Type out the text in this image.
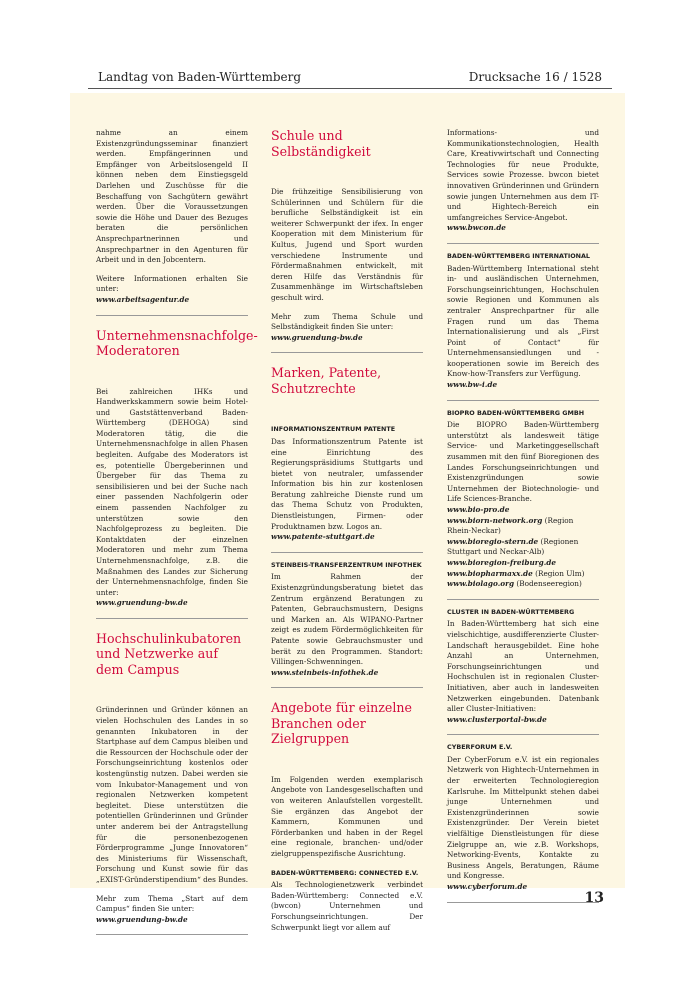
Landtag von Baden-Württemberg	Drucksache 16 / 1528

nahme an einem Existenzgründungsseminar finanziert werden. Empfängerinnen und Empfänger von Arbeitslosengeld II können neben dem Einstiegsgeld Darlehen und Zuschüsse für die Beschaffung von Sachgütern gewährt werden. Über die Voraussetzungen sowie die Höhe und Dauer des Bezuges beraten die persönlichen Ansprechpartnerinnen und Ansprechpartner in den Agenturen für Arbeit und in den Jobcentern.

Weitere Informationen erhalten Sie unter:

www.arbeitsagentur.de
Unternehmensnachfolge-Moderatoren

Bei zahlreichen IHKs und Handwerkskammern sowie beim Hotel- und Gaststättenverband Baden-Württemberg (DEHOGA) sind Moderatoren tätig, die die Unternehmensnachfolge in allen Phasen begleiten. Aufgabe des Moderators ist es, potentielle Übergeberinnen und Übergeber für das Thema zu sensibilisieren und bei der Suche nach einer passenden Nachfolgerin oder einem passenden Nachfolger zu unterstützen sowie den Nachfolgeprozess zu begleiten. Die Kontaktdaten der einzelnen Moderatoren und mehr zum Thema Unternehmensnachfolge, z.B. die Maßnahmen des Landes zur Sicherung der Unternehmensnachfolge, finden Sie unter:

www.gruendung-bw.de
Hochschulinkubatoren und Netzwerke auf dem Campus

Gründerinnen und Gründer können an vielen Hochschulen des Landes in so genannten Inkubatoren in der Startphase auf dem Campus bleiben und die Ressourcen der Hochschule oder der Forschungseinrichtung kostenlos oder kostengünstig nutzen. Dabei werden sie vom Inkubator-Management und von regionalen Netzwerken kompetent begleitet. Diese unterstützen die potentiellen Gründerinnen und Gründer unter anderem bei der Antragstellung für die personenbezogenen Förderprogramme „Junge Innovatoren“ des Ministeriums für Wissenschaft, Forschung und Kunst sowie für das „EXIST-Gründerstipendium“ des Bundes.

Mehr zum Thema „Start auf dem Campus“ finden Sie unter:

www.gruendung-bw.de
Schule und Selbständigkeit

Die frühzeitige Sensibilisierung von Schülerinnen und Schülern für die berufliche Selbständigkeit ist ein weiterer Schwerpunkt der ifex. In enger Kooperation mit dem Ministerium für Kultus, Jugend und Sport wurden verschiedene Instrumente und Fördermaßnahmen entwickelt, mit deren Hilfe das Verständnis für Zusammenhänge im Wirtschaftsleben geschult wird.

Mehr zum Thema Schule und Selbständigkeit finden Sie unter:

www.gruendung-bw.de
Marken, Patente, Schutzrechte
INFORMATIONSZENTRUM PATENTE

Das Informationszentrum Patente ist eine Einrichtung des Regierungspräsidiums Stuttgarts und bietet von neutraler, umfassender Information bis hin zur kostenlosen Beratung zahlreiche Dienste rund um das Thema Schutz von Produkten, Dienstleistungen, Firmen- oder Produktnamen bzw. Logos an.

www.patente-stuttgart.de
STEINBEIS-TRANSFERZENTRUM INFOTHEK

Im Rahmen der Existenzgründungsberatung bietet das Zentrum ergänzend Beratungen zu Patenten, Gebrauchsmustern, Designs und Marken an. Als WIPANO-Partner zeigt es zudem Fördermöglichkeiten für Patente sowie Gebrauchsmuster und berät zu den Programmen. Standort: Villingen-Schwenningen.

www.steinbeis-infothek.de
Angebote für einzelne Branchen oder Zielgruppen

Im Folgenden werden exemplarisch Angebote von Landesgesellschaften und von weiteren Anlaufstellen vorgestellt. Sie ergänzen das Angebot der Kammern, Kommunen und Förderbanken und haben in der Regel eine regionale, branchen- und/oder zielgruppenspezifische Ausrichtung.

BADEN-WÜRTTEMBERG: CONNECTED E.V.

Als Technologienetzwerk verbindet Baden-Württemberg: Connected e.V. (bwcon) Unternehmen und Forschungseinrichtungen. Der Schwerpunkt liegt vor allem auf

Informations- und Kommunikationstechnologien, Health Care, Kreativwirtschaft und Connecting Technologies für neue Produkte, Services sowie Prozesse. bwcon bietet innovativen Gründerinnen und Gründern sowie jungen Unternehmen aus dem IT- und Hightech-Bereich ein umfangreiches Service-Angebot.

www.bwcon.de
BADEN-WÜRTTEMBERG INTERNATIONAL

Baden-Württemberg International steht in- und ausländischen Unternehmen, Forschungseinrichtungen, Hochschulen sowie Regionen und Kommunen als zentraler Ansprechpartner für alle Fragen rund um das Thema Internationalisierung und als „First Point of Contact“ für Unternehmensansiedlungen und -kooperationen sowie im Bereich des Know-how-Transfers zur Verfügung.

www.bw-i.de
BIOPRO BADEN-WÜRTTEMBERG GMBH

Die BIOPRO Baden-Württemberg unterstützt als landesweit tätige Service- und Marketinggesellschaft zusammen mit den fünf Bioregionen des Landes Forschungseinrichtungen und Existenzgründungen sowie Unternehmen der Biotechnologie- und Life Sciences-Branche.

www.bio-pro.de
www.biorn-network.org (Region Rhein-Neckar)
www.bioregio-stern.de (Regionen Stuttgart und Neckar-Alb)
www.bioregion-freiburg.de
www.biopharmaxx.de (Region Ulm)
www.biolago.org (Bodenseeregion)
CLUSTER IN BADEN-WÜRTTEMBERG

In Baden-Württemberg hat sich eine vielschichtige, ausdifferenzierte Cluster-Landschaft herausgebildet. Eine hohe Anzahl an Unternehmen, Forschungseinrichtungen und Hochschulen ist in regionalen Cluster-Initiativen, aber auch in landesweiten Netzwerken eingebunden. Datenbank aller Cluster-Initiativen:

www.clusterportal-bw.de
CYBERFORUM E.V.

Der CyberForum e.V. ist ein regionales Netzwerk von Hightech-Unternehmen in der erweiterten Technologieregion Karlsruhe. Im Mittelpunkt stehen dabei junge Unternehmen und Existenzgründerinnen sowie Existenzgründer. Der Verein bietet vielfältige Dienstleistungen für diese Zielgruppe an, wie z.B. Workshops, Networking-Events, Kontakte zu Business Angels, Beratungen, Räume und Kongresse.

www.cyberforum.de
13
